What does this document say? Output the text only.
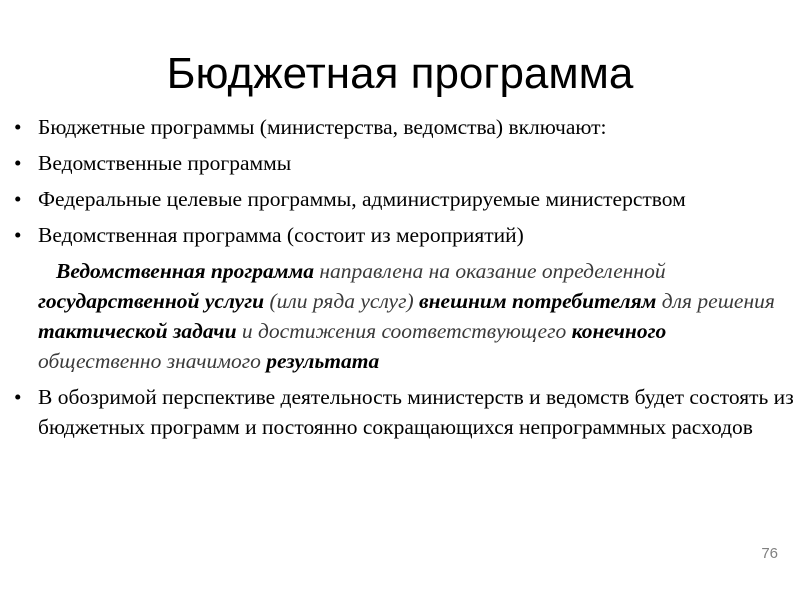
Бюджетная программа
• Бюджетные программы (министерства, ведомства) включают:
• Ведомственные программы
• Федеральные целевые программы, администрируемые министерством
• Ведомственная программа (состоит из мероприятий)
Ведомственная программа направлена на оказание определенной государственной услуги (или ряда услуг) внешним потребителям для решения тактической задачи и достижения соответствующего конечного общественно значимого результата
• В обозримой перспективе деятельность министерств и ведомств будет состоять из бюджетных программ и постоянно сокращающихся непрограммных расходов
76
